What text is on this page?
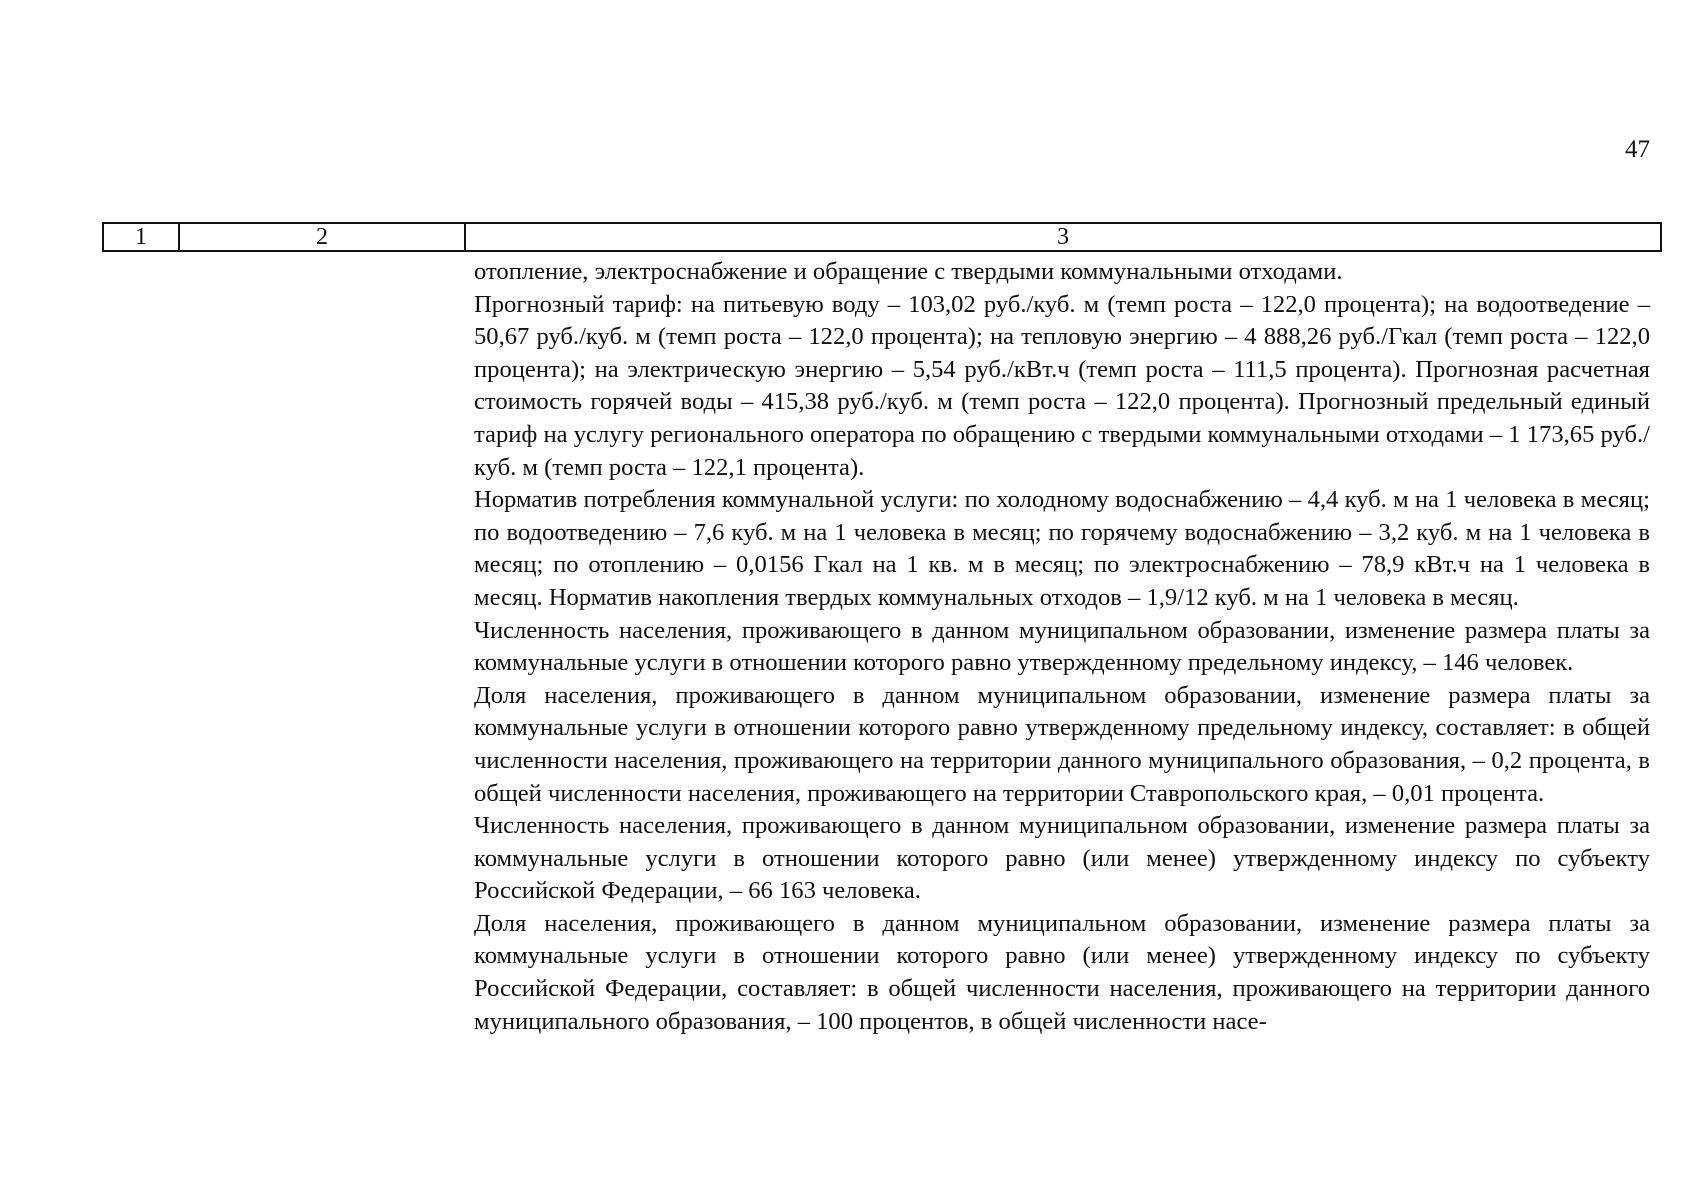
47
1	2	3

отопление, электроснабжение и обращение с твердыми коммунальными отходами.

Прогнозный тариф: на питьевую воду – 103,02 руб./куб. м (темп роста – 122,0 процента); на водоотведение – 50,67 руб./куб. м (темп роста – 122,0 процента); на тепловую энергию – 4 888,26 руб./Гкал (темп роста – 122,0 процента); на электрическую энергию – 5,54 руб./кВт.ч (темп роста – 111,5 процента). Прогнозная расчетная стоимость горячей воды – 415,38 руб./куб. м (темп роста – 122,0 процента). Прогнозный предельный единый тариф на услугу регионального оператора по обращению с твердыми коммунальными отходами – 1 173,65 руб./куб. м (темп роста – 122,1 процента).

Норматив потребления коммунальной услуги: по холодному водоснабжению – 4,4 куб. м на 1 человека в месяц; по водоотведению – 7,6 куб. м на 1 человека в месяц; по горячему водоснабжению – 3,2 куб. м на 1 человека в месяц; по отоплению – 0,0156 Гкал на 1 кв. м в месяц; по электроснабжению – 78,9 кВт.ч на 1 человека в месяц. Норматив накопления твердых коммунальных отходов – 1,9/12 куб. м на 1 человека в месяц.

Численность населения, проживающего в данном муниципальном образовании, изменение размера платы за коммунальные услуги в отношении которого равно утвержденному предельному индексу, – 146 человек.

Доля населения, проживающего в данном муниципальном образовании, изменение размера платы за коммунальные услуги в отношении которого равно утвержденному предельному индексу, составляет: в общей численности населения, проживающего на территории данного муниципального образования, – 0,2 процента, в общей численности населения, проживающего на территории Ставропольского края, – 0,01 процента.

Численность населения, проживающего в данном муниципальном образовании, изменение размера платы за коммунальные услуги в отношении которого равно (или менее) утвержденному индексу по субъекту Российской Федерации, – 66 163 человека.

Доля населения, проживающего в данном муниципальном образовании, изменение размера платы за коммунальные услуги в отношении которого равно (или менее) утвержденному индексу по субъекту Российской Федерации, составляет: в общей численности населения, проживающего на территории данного муниципального образования, – 100 процентов, в общей численности насе-
